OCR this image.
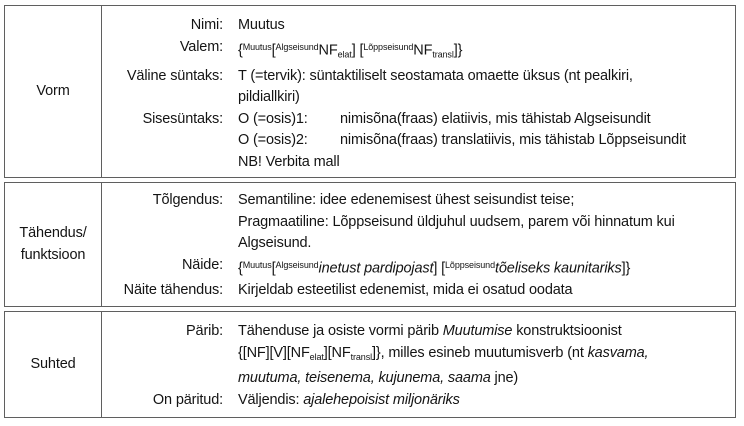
Vorm
Nimi:	Muutus
Valem:	{$^{Muutus}[^{Algseisund}NF_{elat}]$ $[^{Lõppseisund}NF_{transl}]$}
Väline süntaks:	T (=tervik): süntaktiliselt seostamata omaette üksus (nt pealkiri,
pildiallkiri)
Sisesüntaks:	O (=osis)1:	nimisõna(fraas) elatiivis, mis tähistab Algseisundit
O (=osis)2:	nimisõna(fraas) translatiivis, mis tähistab Lõppseisundit
NB! Verbita mall
Tähendus/
funktsioon
Tõlgendus:	Semantiline: idee edenemisest ühest seisundist teise;
Pragmaatiline: Lõppseisund üldjuhul uudsem, parem või hinnatum kui
Algseisund.
Näide:	{$^{Muutus}$[$^{Algseisund}$inetust pardipojast] [$^{Lõppseisund}$tõeliseks kaunitariks]}
Näite tähendus:	Kirjeldab esteetilist edenemist, mida ei osatud oodata
Suhted
Pärib:	Tähenduse ja osiste vormi pärib Muutumise konstruktsioonist
$\{[NF][V][NF_{elat}][NF_{transl}]\}$, milles esineb muutumisverb (nt kasvama,
muutuma, teisenema, kujunema, saama jne)
On päritud:	Väljendis: ajalehepoisist miljonäriks
